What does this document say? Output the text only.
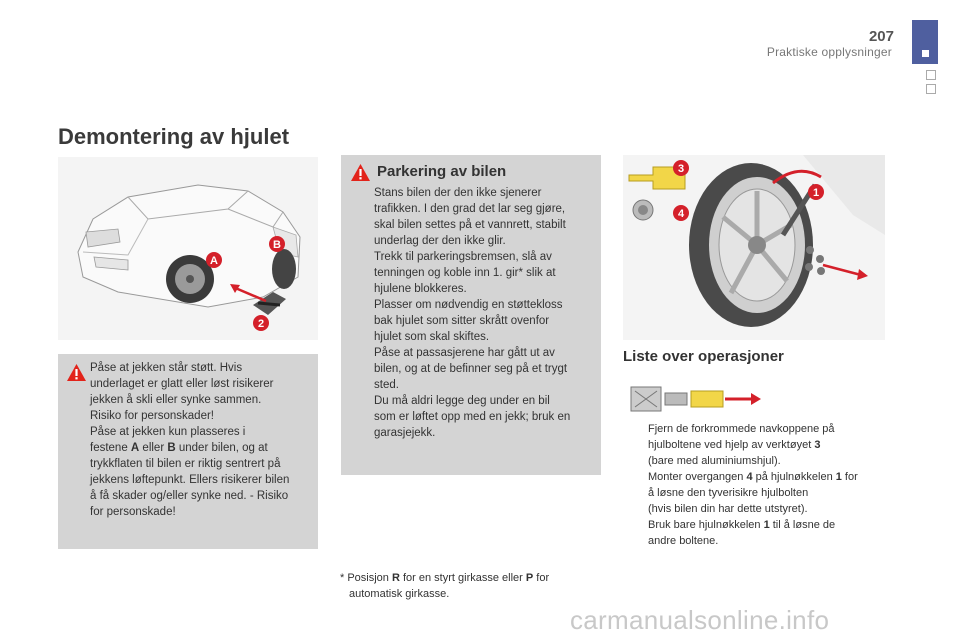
207
Praktiske opplysninger
Demontering av hjulet
A
B
2
Påse at jekken står støtt. Hvis
underlaget er glatt eller løst risikerer
jekken å skli eller synke sammen.
Risiko for personskader!
Påse at jekken kun plasseres i
festene A eller B under bilen, og at
trykkflaten til bilen er riktig sentrert på
jekkens løftepunkt. Ellers risikerer bilen
å få skader og/eller synke ned. - Risiko
for personskade!
Parkering av bilen
Stans bilen der den ikke sjenerer
trafikken. I den grad det lar seg gjøre,
skal bilen settes på et vannrett, stabilt
underlag der den ikke glir.
Trekk til parkeringsbremsen, slå av
tenningen og koble inn 1. gir* slik at
hjulene blokkeres.
Plasser om nødvendig en støttekloss
bak hjulet som sitter skrått ovenfor
hjulet som skal skiftes.
Påse at passasjerene har gått ut av
bilen, og at de befinner seg på et trygt
sted.
Du må aldri legge deg under en bil
som er løftet opp med en jekk; bruk en
garasjejekk.
* Posisjon R for en styrt girkasse eller P for
automatisk girkasse.
3
4
1
Liste over operasjoner
Fjern de forkrommede navkoppene på
hjulboltene ved hjelp av verktøyet 3
(bare med aluminiumshjul).
Monter overgangen 4 på hjulnøkkelen 1 for
å løsne den tyverisikre hjulbolten
(hvis bilen din har dette utstyret).
Bruk bare hjulnøkkelen 1 til å løsne de
andre boltene.
carmanualsonline.info
